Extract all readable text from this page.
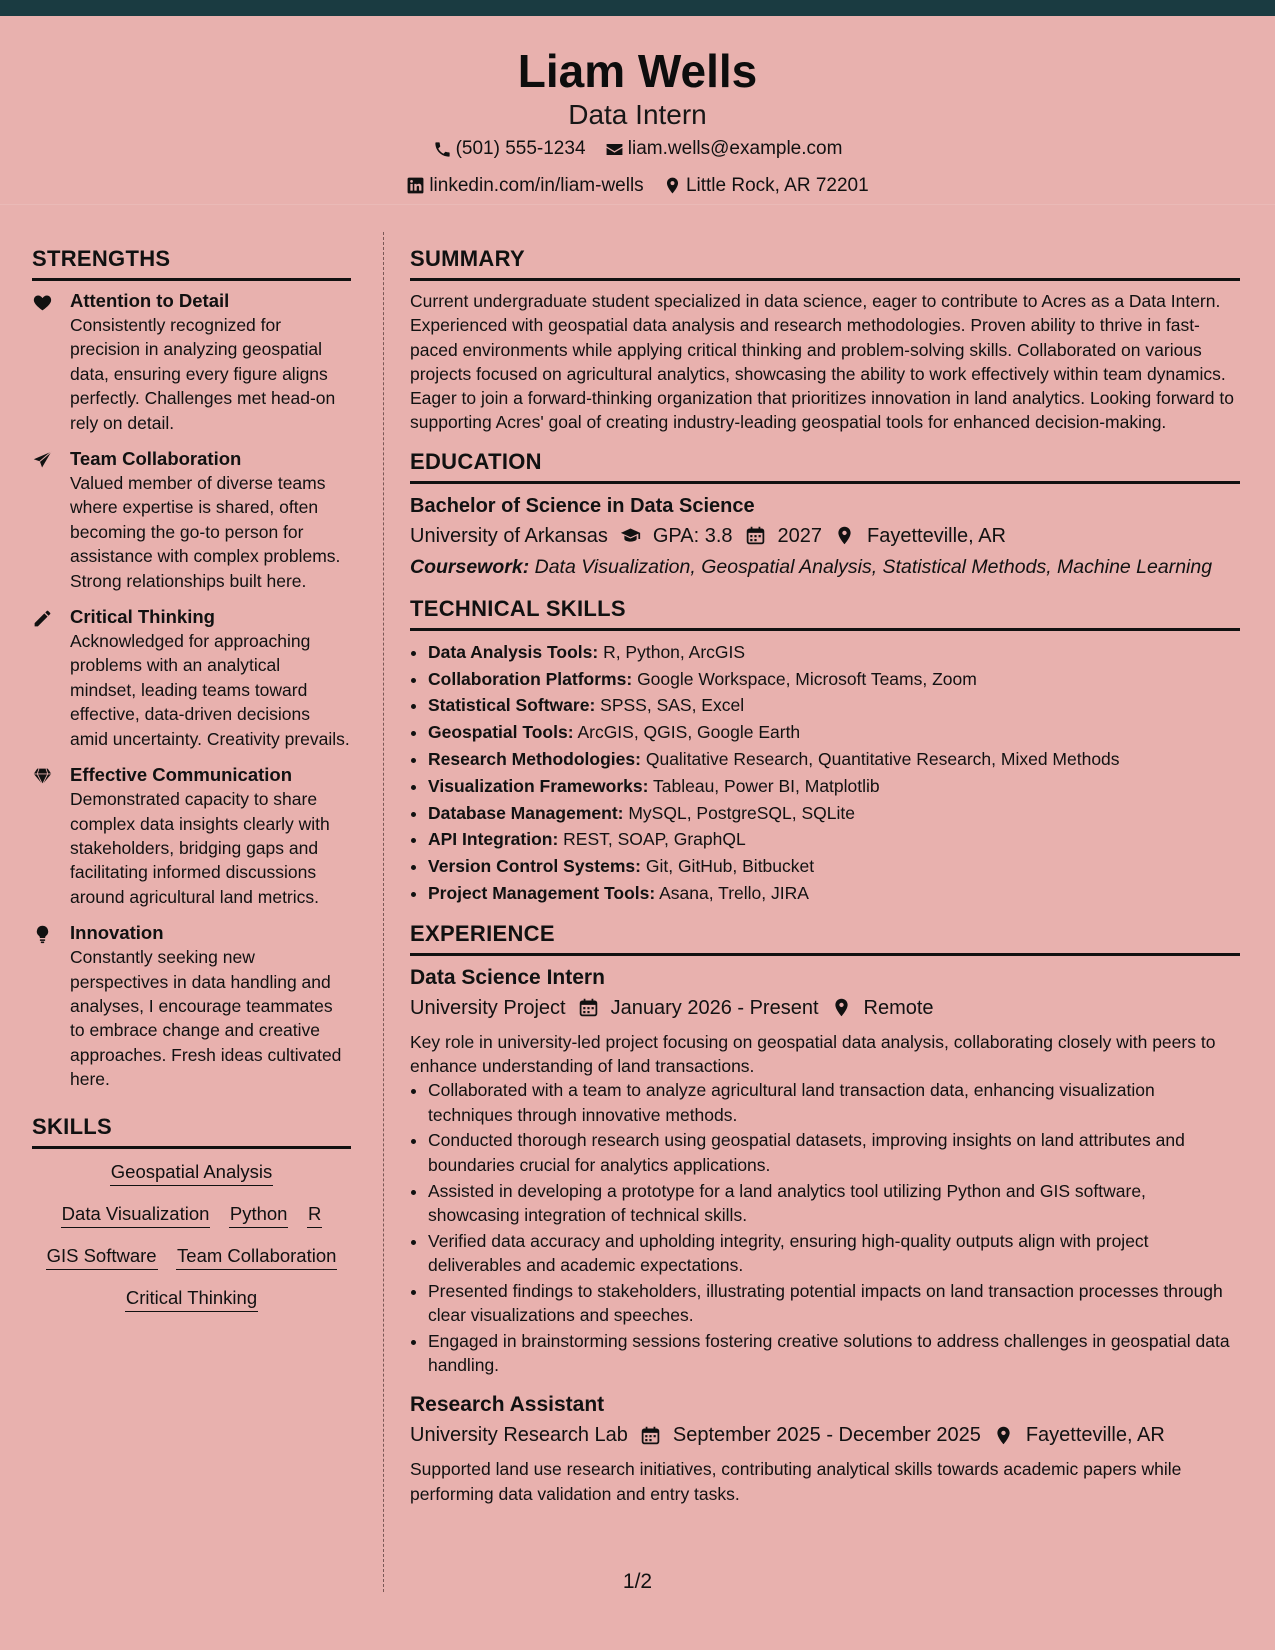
Liam Wells
Data Intern
(501) 555-1234
liam.wells@example.com
linkedin.com/in/liam-wells
Little Rock, AR 72201
STRENGTHS
Attention to Detail
Consistently recognized for precision in analyzing geospatial data, ensuring every figure aligns perfectly. Challenges met head-on rely on detail.
Team Collaboration
Valued member of diverse teams where expertise is shared, often becoming the go-to person for assistance with complex problems. Strong relationships built here.
Critical Thinking
Acknowledged for approaching problems with an analytical mindset, leading teams toward effective, data-driven decisions amid uncertainty. Creativity prevails.
Effective Communication
Demonstrated capacity to share complex data insights clearly with stakeholders, bridging gaps and facilitating informed discussions around agricultural land metrics.
Innovation
Constantly seeking new perspectives in data handling and analyses, I encourage teammates to embrace change and creative approaches. Fresh ideas cultivated here.
SKILLS
Geospatial Analysis
Data Visualization Python R
GIS Software Team Collaboration
Critical Thinking
SUMMARY

Current undergraduate student specialized in data science, eager to contribute to Acres as a Data Intern. Experienced with geospatial data analysis and research methodologies. Proven ability to thrive in fast-paced environments while applying critical thinking and problem-solving skills. Collaborated on various projects focused on agricultural analytics, showcasing the ability to work effectively within team dynamics. Eager to join a forward-thinking organization that prioritizes innovation in land analytics. Looking forward to supporting Acres' goal of creating industry-leading geospatial tools for enhanced decision-making.

EDUCATION
Bachelor of Science in Data Science
University of Arkansas GPA: 3.8 2027 Fayetteville, AR
Coursework: Data Visualization, Geospatial Analysis, Statistical Methods, Machine Learning
TECHNICAL SKILLS
• Data Analysis Tools: R, Python, ArcGIS
• Collaboration Platforms: Google Workspace, Microsoft Teams, Zoom
• Statistical Software: SPSS, SAS, Excel
• Geospatial Tools: ArcGIS, QGIS, Google Earth
• Research Methodologies: Qualitative Research, Quantitative Research, Mixed Methods
• Visualization Frameworks: Tableau, Power BI, Matplotlib
• Database Management: MySQL, PostgreSQL, SQLite
• API Integration: REST, SOAP, GraphQL
• Version Control Systems: Git, GitHub, Bitbucket
• Project Management Tools: Asana, Trello, JIRA
EXPERIENCE
Data Science Intern
University Project January 2026 - Present Remote
Key role in university-led project focusing on geospatial data analysis, collaborating closely with peers to enhance understanding of land transactions.
• Collaborated with a team to analyze agricultural land transaction data, enhancing visualization techniques through innovative methods.
• Conducted thorough research using geospatial datasets, improving insights on land attributes and boundaries crucial for analytics applications.
• Assisted in developing a prototype for a land analytics tool utilizing Python and GIS software, showcasing integration of technical skills.
• Verified data accuracy and upholding integrity, ensuring high-quality outputs align with project deliverables and academic expectations.
• Presented findings to stakeholders, illustrating potential impacts on land transaction processes through clear visualizations and speeches.
• Engaged in brainstorming sessions fostering creative solutions to address challenges in geospatial data handling.
Research Assistant
University Research Lab September 2025 - December 2025 Fayetteville, AR
Supported land use research initiatives, contributing analytical skills towards academic papers while performing data validation and entry tasks.
1/2
